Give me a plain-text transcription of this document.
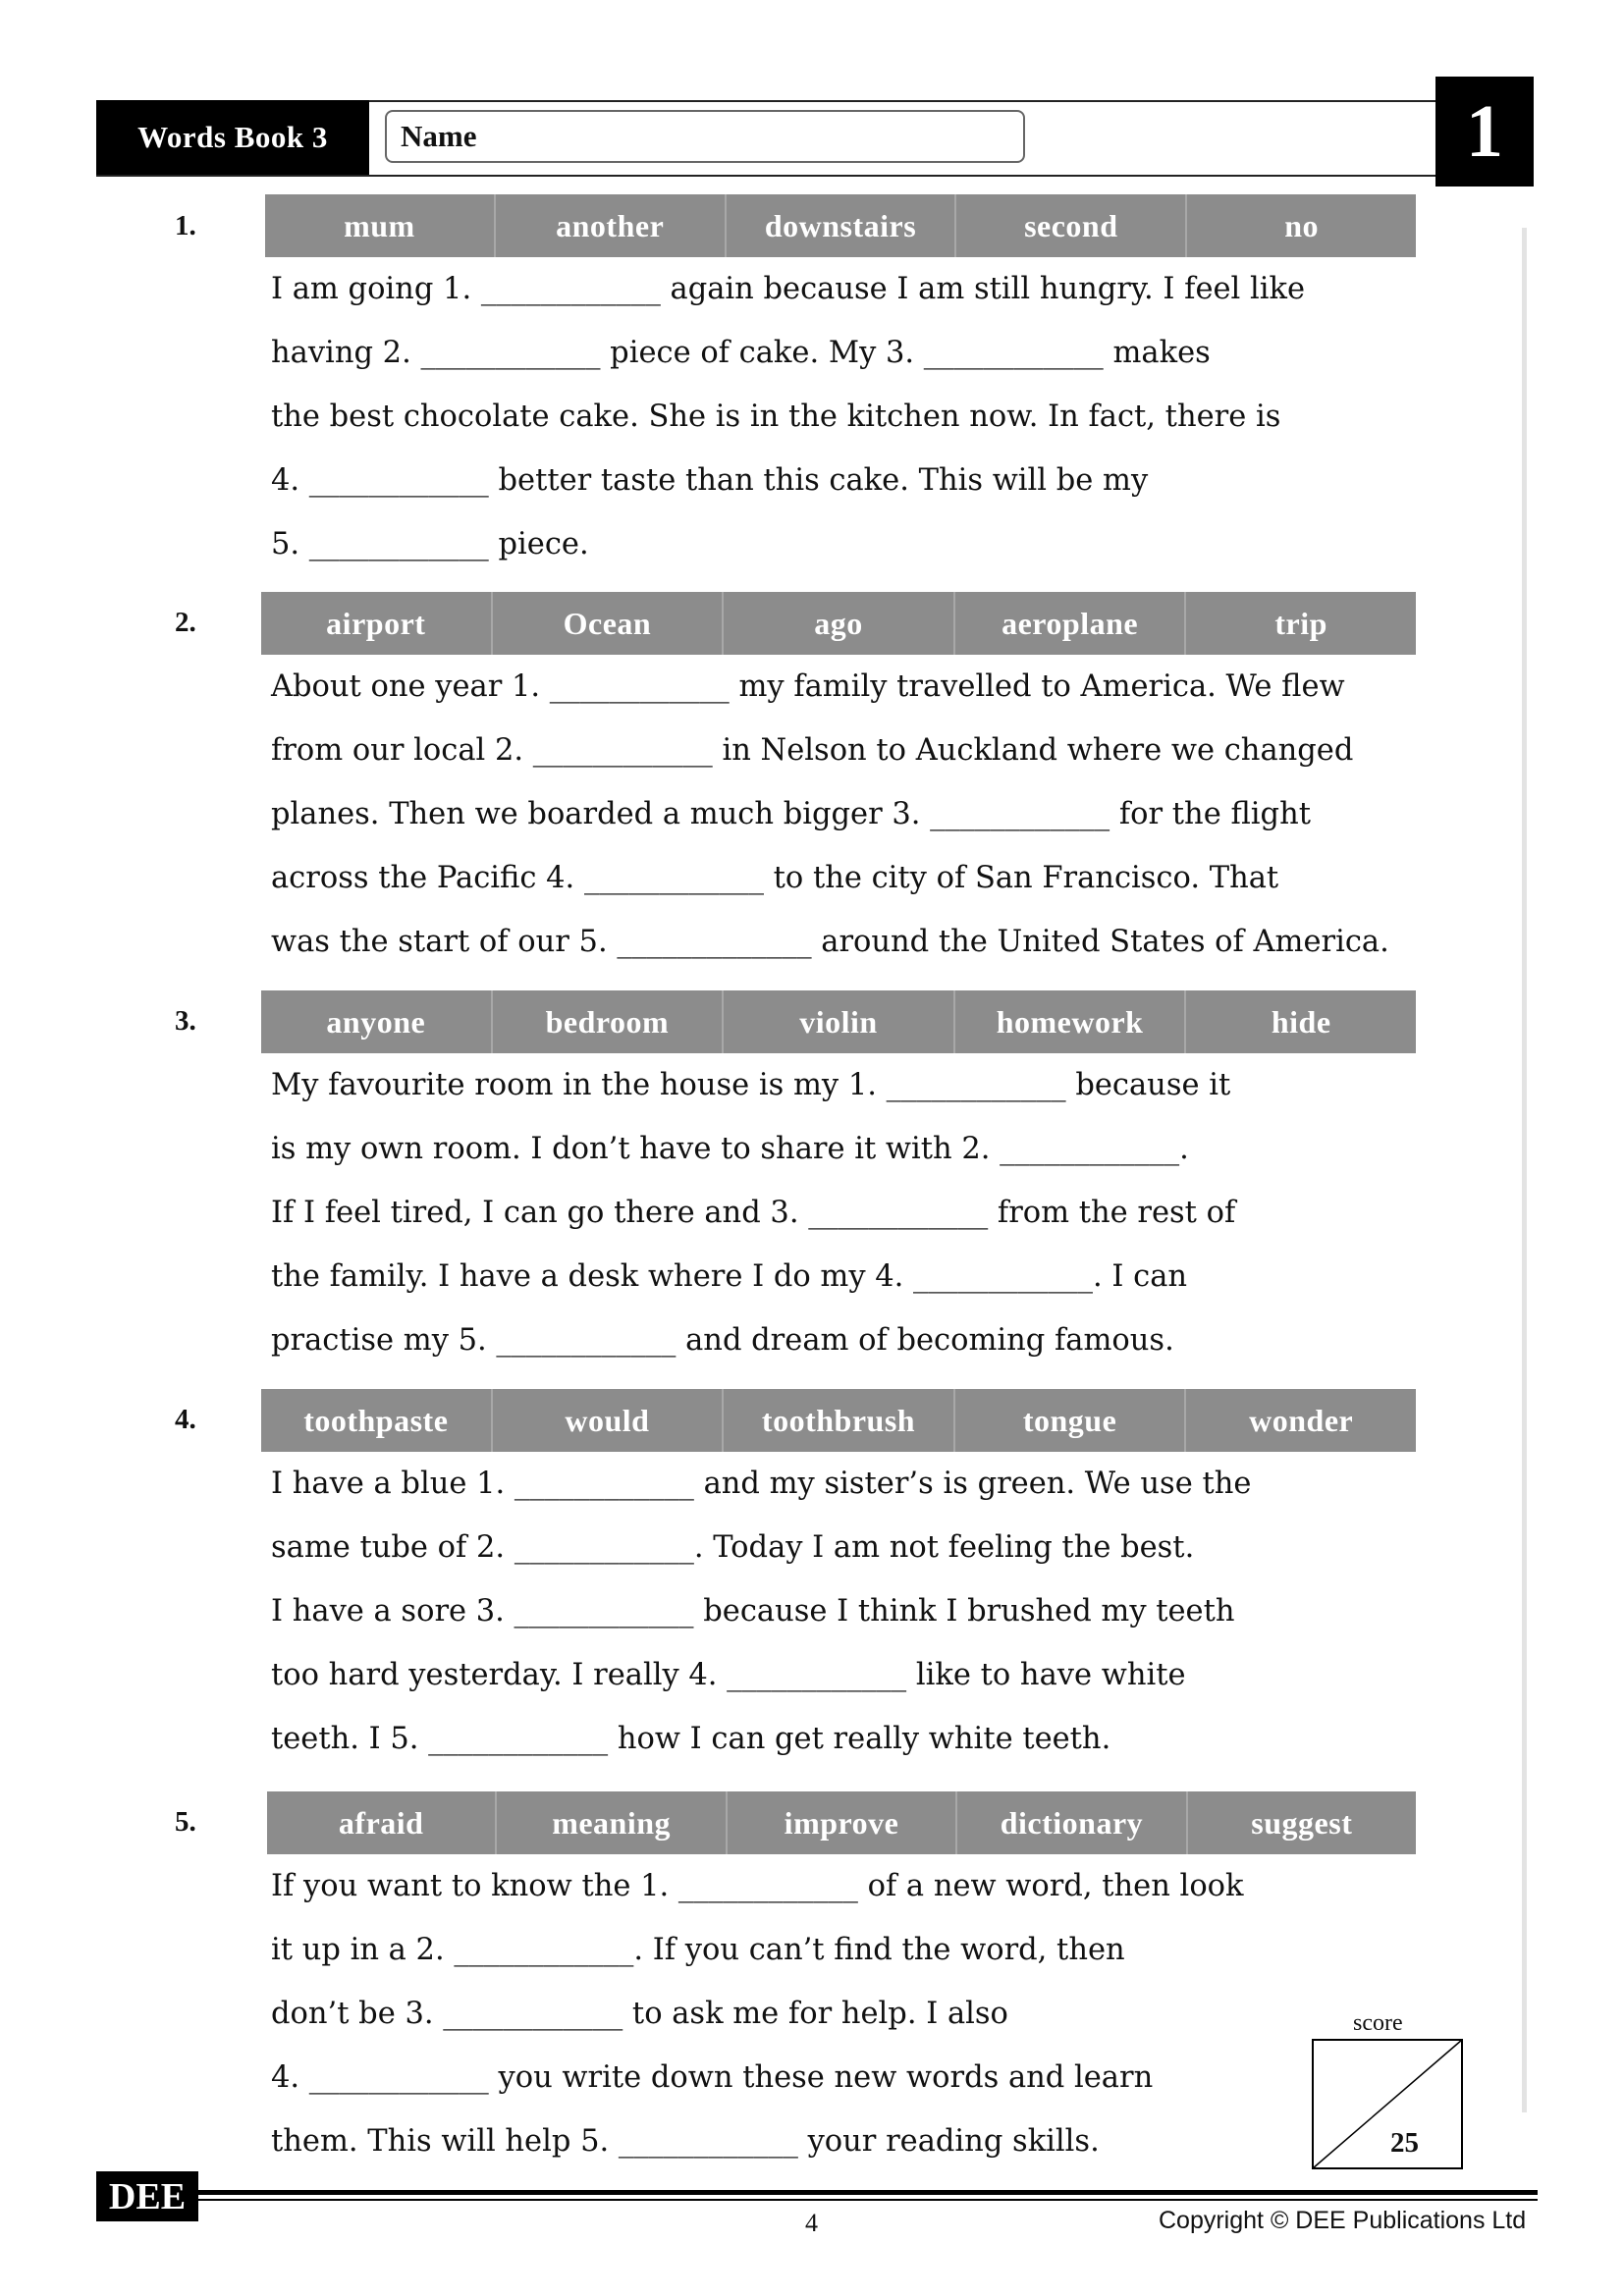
Words Book 3	Name	1
1.	mum	another	downstairs	second	no
I am going 1. ____________ again because I am still hungry. I feel like
having 2. ____________ piece of cake. My 3. ____________ makes
the best chocolate cake. She is in the kitchen now. In fact, there is
4. ____________ better taste than this cake. This will be my
5. ____________ piece.
2.	airport	Ocean	ago	aeroplane	trip
About one year 1. ____________ my family travelled to America. We flew
from our local 2. ____________ in Nelson to Auckland where we changed
planes. Then we boarded a much bigger 3. ____________ for the flight
across the Pacific 4. ____________ to the city of San Francisco. That
was the start of our 5. _____________ around the United States of America.
3.	anyone	bedroom	violin	homework	hide
My favourite room in the house is my 1. ____________ because it
is my own room. I don’t have to share it with 2. ____________.
If I feel tired, I can go there and 3. ____________ from the rest of
the family. I have a desk where I do my 4. ____________. I can
practise my 5. ____________ and dream of becoming famous.
4.	toothpaste	would	toothbrush	tongue	wonder
I have a blue 1. ____________ and my sister’s is green. We use the
same tube of 2. ____________. Today I am not feeling the best.
I have a sore 3. ____________ because I think I brushed my teeth
too hard yesterday. I really 4. ____________ like to have white
teeth. I 5. ____________ how I can get really white teeth.
5.	afraid	meaning	improve	dictionary	suggest
If you want to know the 1. ____________ of a new word, then look
it up in a 2. ____________. If you can’t find the word, then
don’t be 3. ____________ to ask me for help. I also
4. ____________ you write down these new words and learn
them. This will help 5. ____________ your reading skills.
score
25
DEE
4	Copyright © DEE Publications Ltd
